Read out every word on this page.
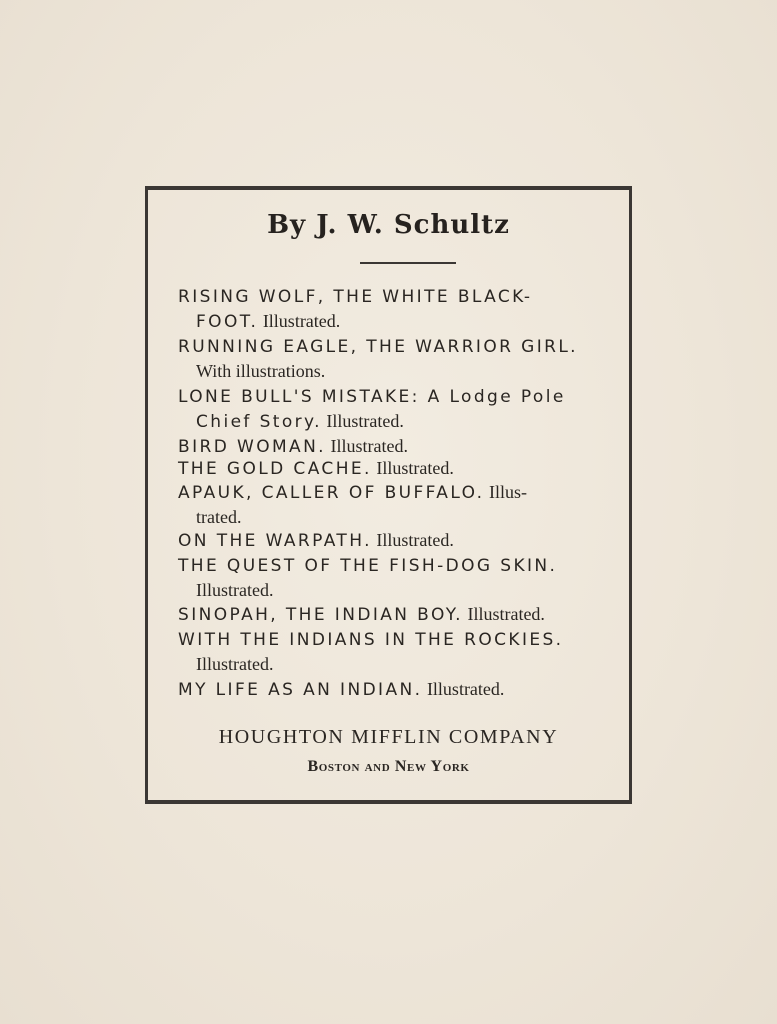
By J. W. Schultz
RISING WOLF, THE WHITE BLACK-
FOOT. Illustrated.
RUNNING EAGLE, THE WARRIOR GIRL.
With illustrations.
LONE BULL'S MISTAKE: A Lodge Pole
Chief Story. Illustrated.
BIRD WOMAN. Illustrated.
THE GOLD CACHE. Illustrated.
APAUK, CALLER OF BUFFALO. Illus-
trated.
ON THE WARPATH. Illustrated.
THE QUEST OF THE FISH-DOG SKIN.
Illustrated.
SINOPAH, THE INDIAN BOY. Illustrated.
WITH THE INDIANS IN THE ROCKIES.
Illustrated.
MY LIFE AS AN INDIAN. Illustrated.
HOUGHTON MIFFLIN COMPANY
Boston and New York
